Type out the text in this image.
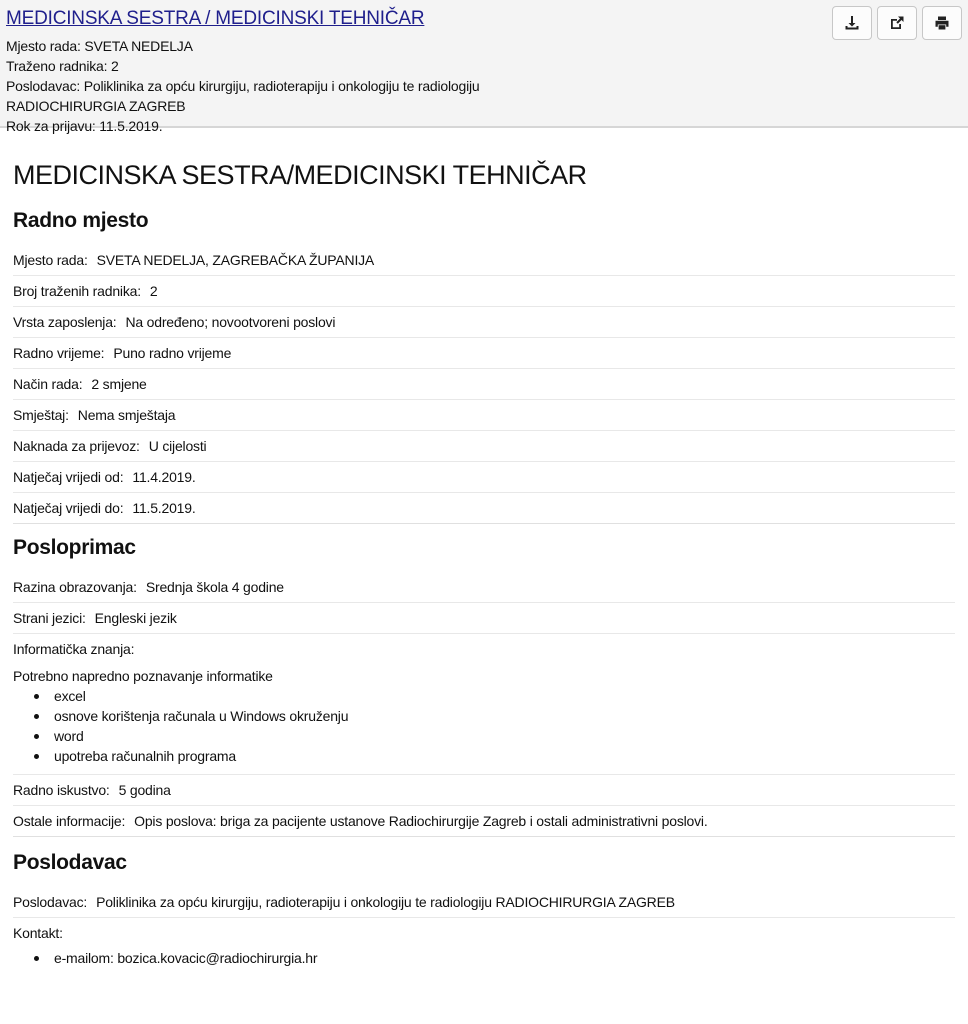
MEDICINSKA SESTRA / MEDICINSKI TEHNIČAR
Mjesto rada: SVETA NEDELJA
Traženo radnika: 2
Poslodavac: Poliklinika za opću kirurgiju, radioterapiju i onkologiju te radiologiju RADIOCHIRURGIA ZAGREB
Rok za prijavu: 11.5.2019.
MEDICINSKA SESTRA/MEDICINSKI TEHNIČAR
Radno mjesto
Mjesto rada: SVETA NEDELJA, ZAGREBAČKA ŽUPANIJA
Broj traženih radnika: 2
Vrsta zaposlenja: Na određeno; novootvoreni poslovi
Radno vrijeme: Puno radno vrijeme
Način rada: 2 smjene
Smještaj: Nema smještaja
Naknada za prijevoz: U cijelosti
Natječaj vrijedi od: 11.4.2019.
Natječaj vrijedi do: 11.5.2019.
Posloprimac
Razina obrazovanja: Srednja škola 4 godine
Strani jezici: Engleski jezik
Informatička znanja:
Potrebno napredno poznavanje informatike
excel
osnove korištenja računala u Windows okruženju
word
upotreba računalnih programa
Radno iskustvo: 5 godina
Ostale informacije: Opis poslova: briga za pacijente ustanove Radiochirurgije Zagreb i ostali administrativni poslovi.
Poslodavac
Poslodavac: Poliklinika za opću kirurgiju, radioterapiju i onkologiju te radiologiju RADIOCHIRURGIA ZAGREB
Kontakt:
e-mailom: bozica.kovacic@radiochirurgia.hr
